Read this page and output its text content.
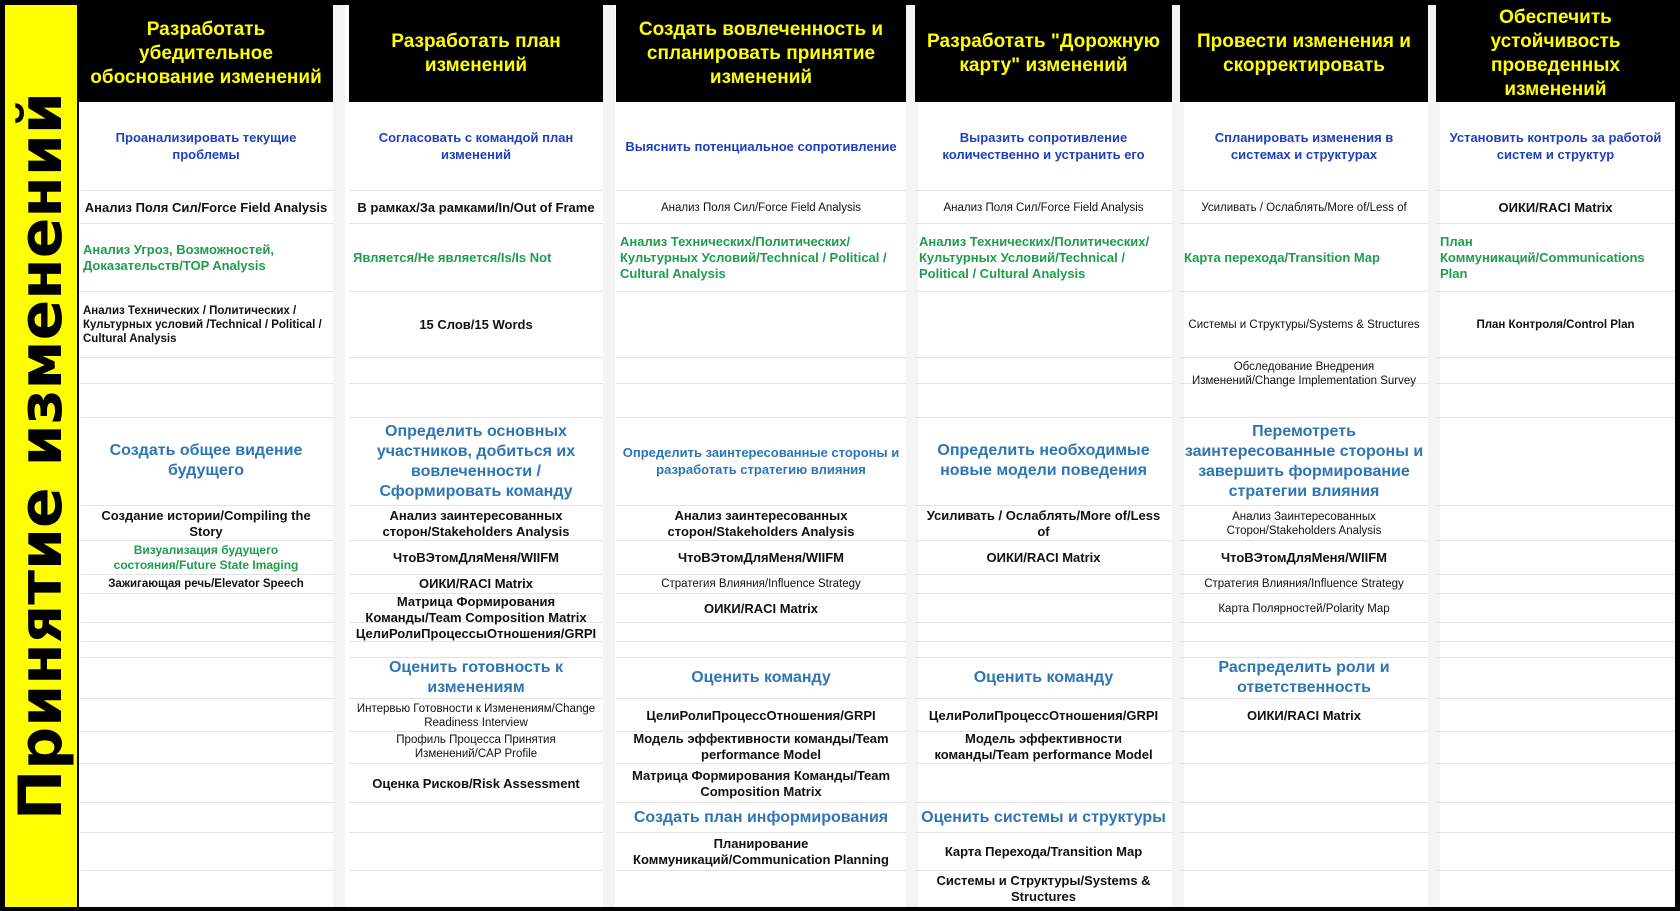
Принятие изменений
Разработать убедительное обоснование изменений
Проанализировать текущие проблемы
Анализ Поля Сил/Force Field Analysis
Анализ Угроз, Возможностей, Доказательств/TOP Analysis
Анализ Технических / Политических / Культурных условий /Technical / Political / Cultural Analysis
Создать общее видение будущего
Создание истории/Compiling the Story
Визуализация будущего состояния/Future State Imaging
Зажигающая речь/Elevator Speech
Разработать план изменений
Согласовать с командой план изменений
В рамках/За рамками/In/Out of Frame
Является/Не является/Is/Is Not
15 Слов/15 Words
Определить основных участников, добиться их вовлеченности / Сформировать команду
Анализ заинтересованных сторон/Stakeholders Analysis
ЧтоВЭтомДляМеня/WIIFM
ОИКИ/RACI Matrix
Матрица Формирования Команды/Team Composition Matrix
ЦелиРолиПроцессыОтношения/GRPI
Оценить готовность к изменениям
Интервью Готовности к Изменениям/Change Readiness Interview
Профиль Процесса Принятия Изменений/CAP Profile
Оценка Рисков/Risk Assessment
Создать вовлеченность и спланировать принятие изменений
Выяснить потенциальное сопротивление
Анализ Поля Сил/Force Field Analysis
Анализ Технических/Политических/Культурных Условий/Technical / Political / Cultural Analysis
Определить заинтересованные стороны и разработать стратегию влияния
Анализ заинтересованных сторон/Stakeholders Analysis
ЧтоВЭтомДляМеня/WIIFM
Стратегия Влияния/Influence Strategy
ОИКИ/RACI Matrix
Оценить команду
ЦелиРолиПроцессОтношения/GRPI
Модель эффективности команды/Team performance Model
Матрица Формирования Команды/Team Composition Matrix
Создать план информирования
Планирование Коммуникаций/Communication Planning
Разработать "Дорожную карту" изменений
Выразить сопротивление количественно и устранить его
Анализ Поля Сил/Force Field Analysis
Анализ Технических/Политических/Культурных Условий/Technical / Political / Cultural Analysis
Определить необходимые новые модели поведения
Усиливать / Ослаблять/More of/Less of
ОИКИ/RACI Matrix
Оценить команду
ЦелиРолиПроцессОтношения/GRPI
Модель эффективности команды/Team performance Model
Оценить системы и структуры
Карта Перехода/Transition Map
Системы и Структуры/Systems & Structures
Провести изменения и скорректировать
Спланировать изменения в системах и структурах
Усиливать / Ослаблять/More of/Less of
Карта перехода/Transition Map
Системы и Структуры/Systems & Structures
Обследование Внедрения Изменений/Change Implementation Survey
Перемотреть заинтересованные стороны и завершить формирование стратегии влияния
Анализ Заинтересованных Сторон/Stakeholders Analysis
ЧтоВЭтомДляМеня/WIIFM
Стратегия Влияния/Influence Strategy
Карта Полярностей/Polarity Map
Распределить роли и ответственность
ОИКИ/RACI Matrix
Обеспечить устойчивость проведенных изменений
Установить контроль за работой систем и структур
ОИКИ/RACI Matrix
План Коммуникаций/Communications Plan
План Контроля/Control Plan
